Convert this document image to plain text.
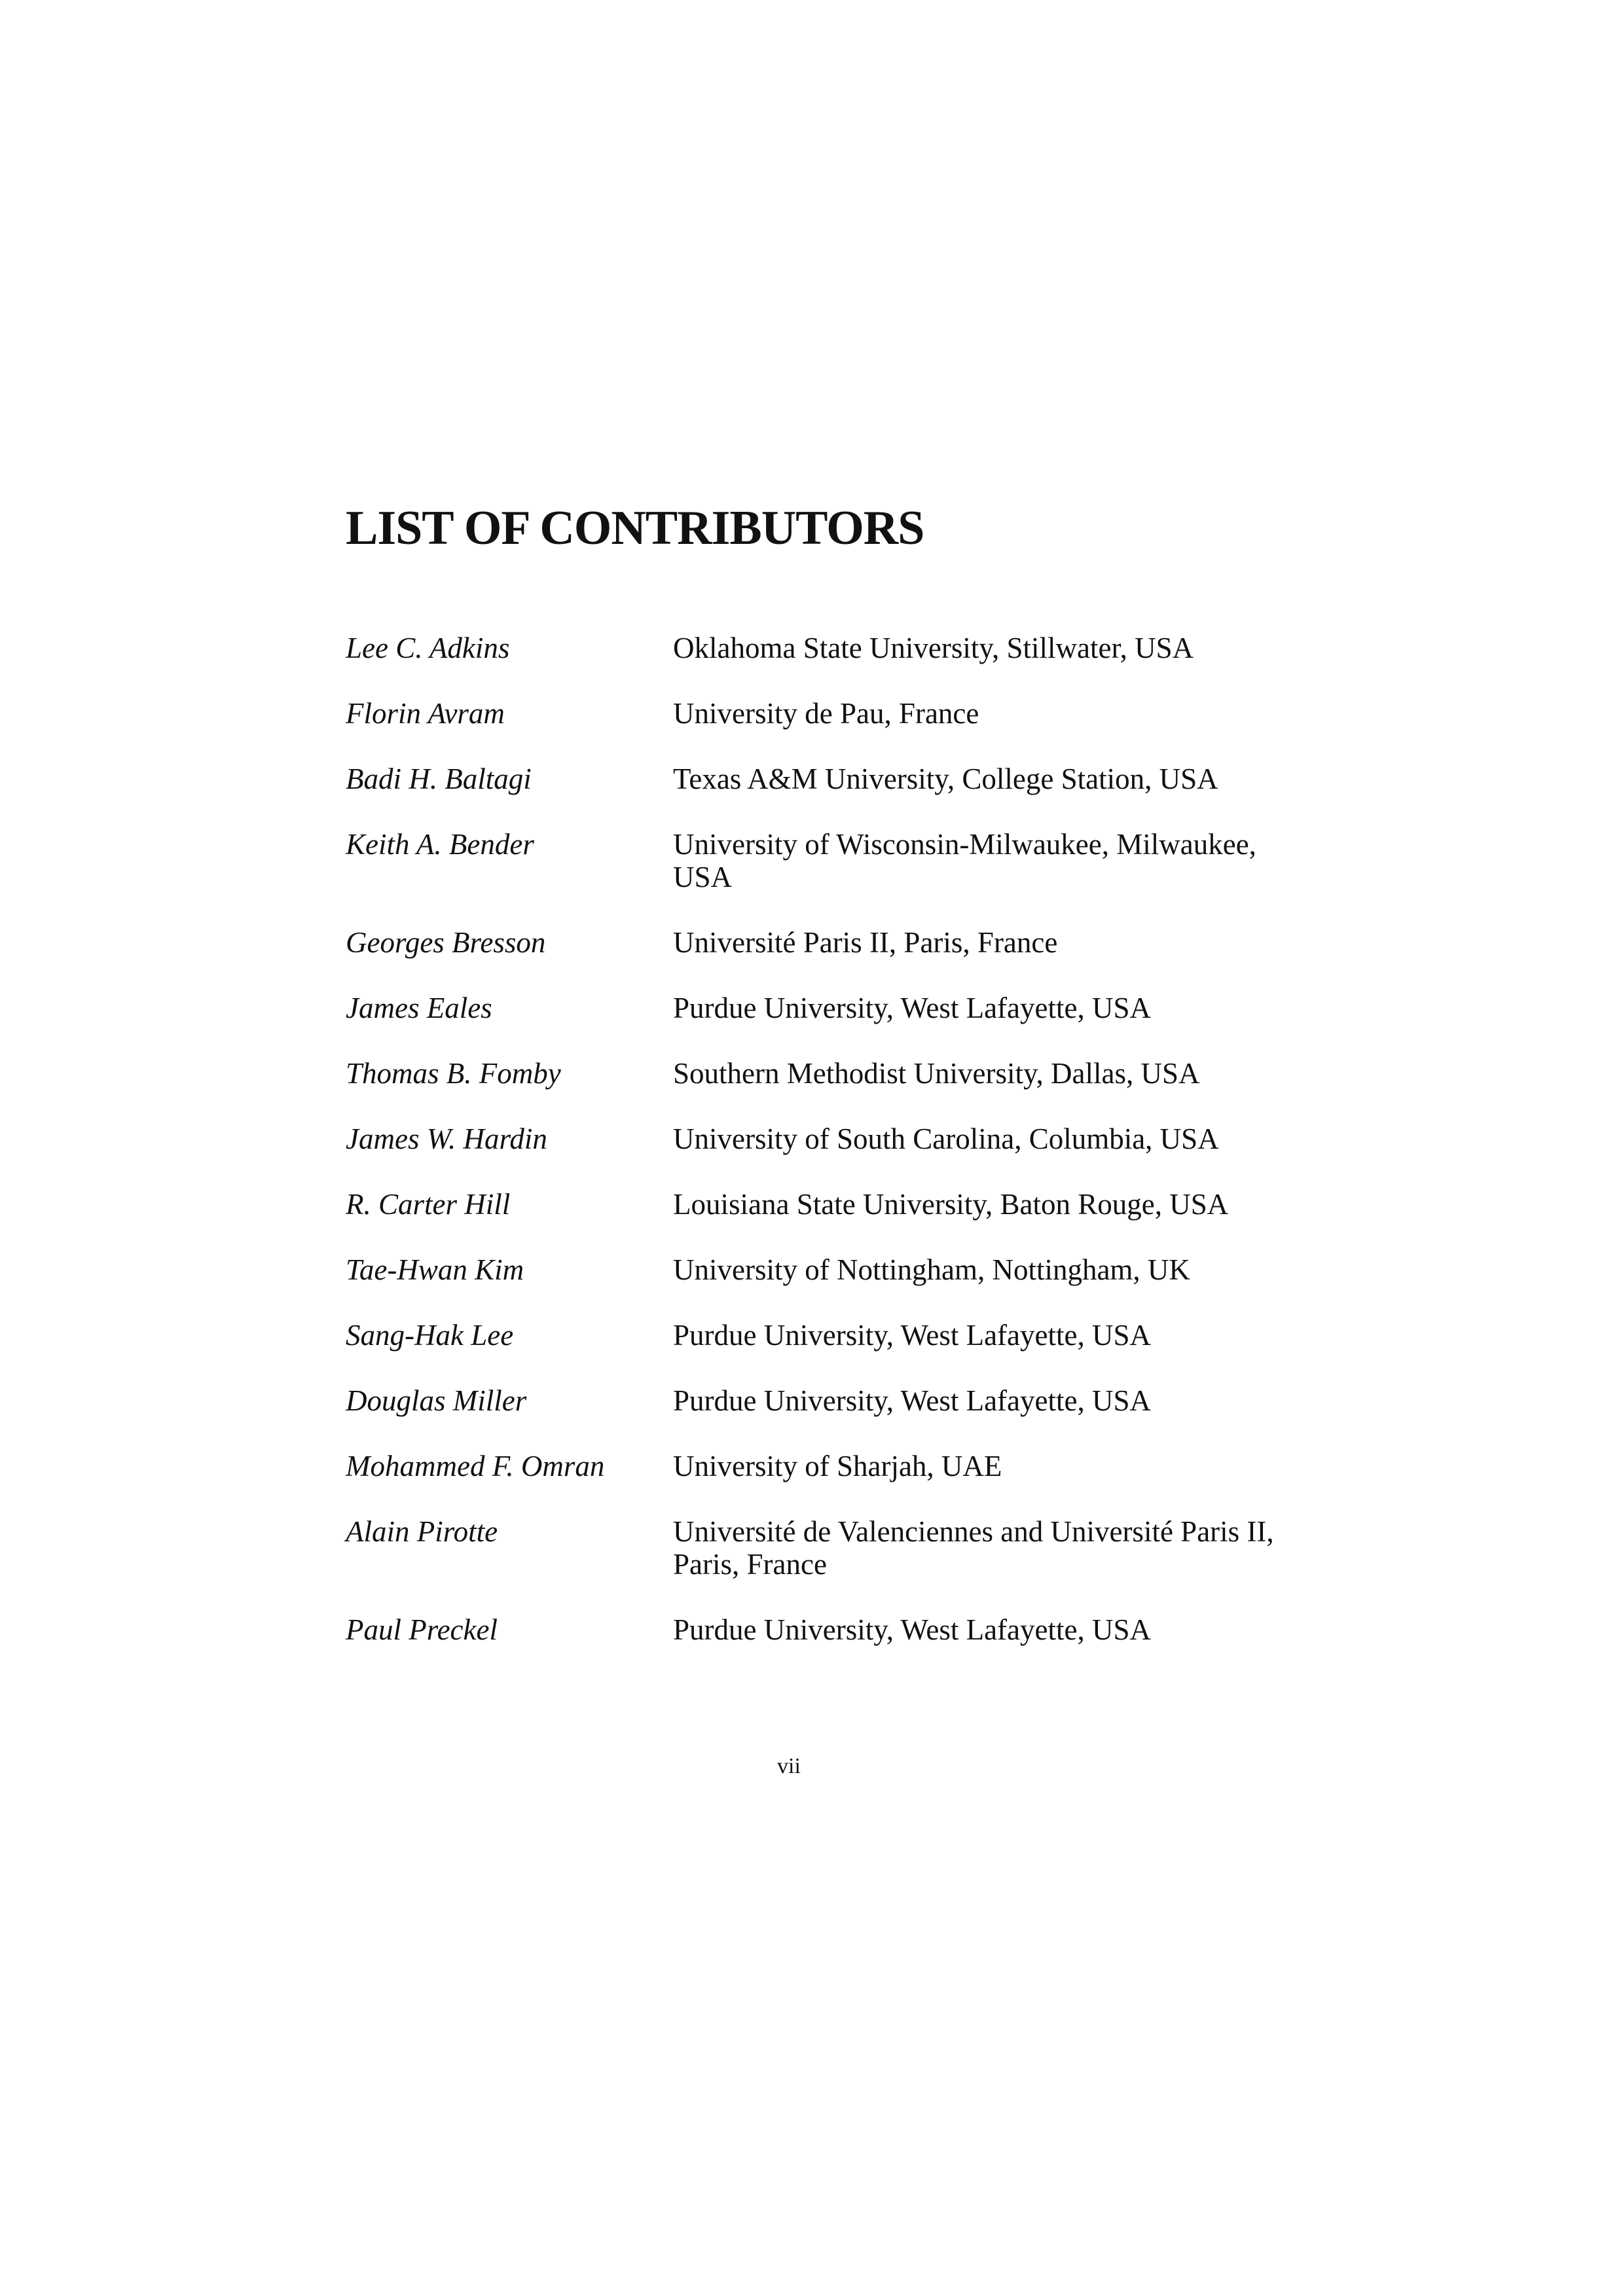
LIST OF CONTRIBUTORS
Lee C. Adkins	Oklahoma State University, Stillwater, USA
Florin Avram	University de Pau, France
Badi H. Baltagi	Texas A&M University, College Station, USA
Keith A. Bender	University of Wisconsin-Milwaukee, Milwaukee, USA
Georges Bresson	Université Paris II, Paris, France
James Eales	Purdue University, West Lafayette, USA
Thomas B. Fomby	Southern Methodist University, Dallas, USA
James W. Hardin	University of South Carolina, Columbia, USA
R. Carter Hill	Louisiana State University, Baton Rouge, USA
Tae-Hwan Kim	University of Nottingham, Nottingham, UK
Sang-Hak Lee	Purdue University, West Lafayette, USA
Douglas Miller	Purdue University, West Lafayette, USA
Mohammed F. Omran	University of Sharjah, UAE
Alain Pirotte	Université de Valenciennes and Université Paris II, Paris, France
Paul Preckel	Purdue University, West Lafayette, USA
vii
